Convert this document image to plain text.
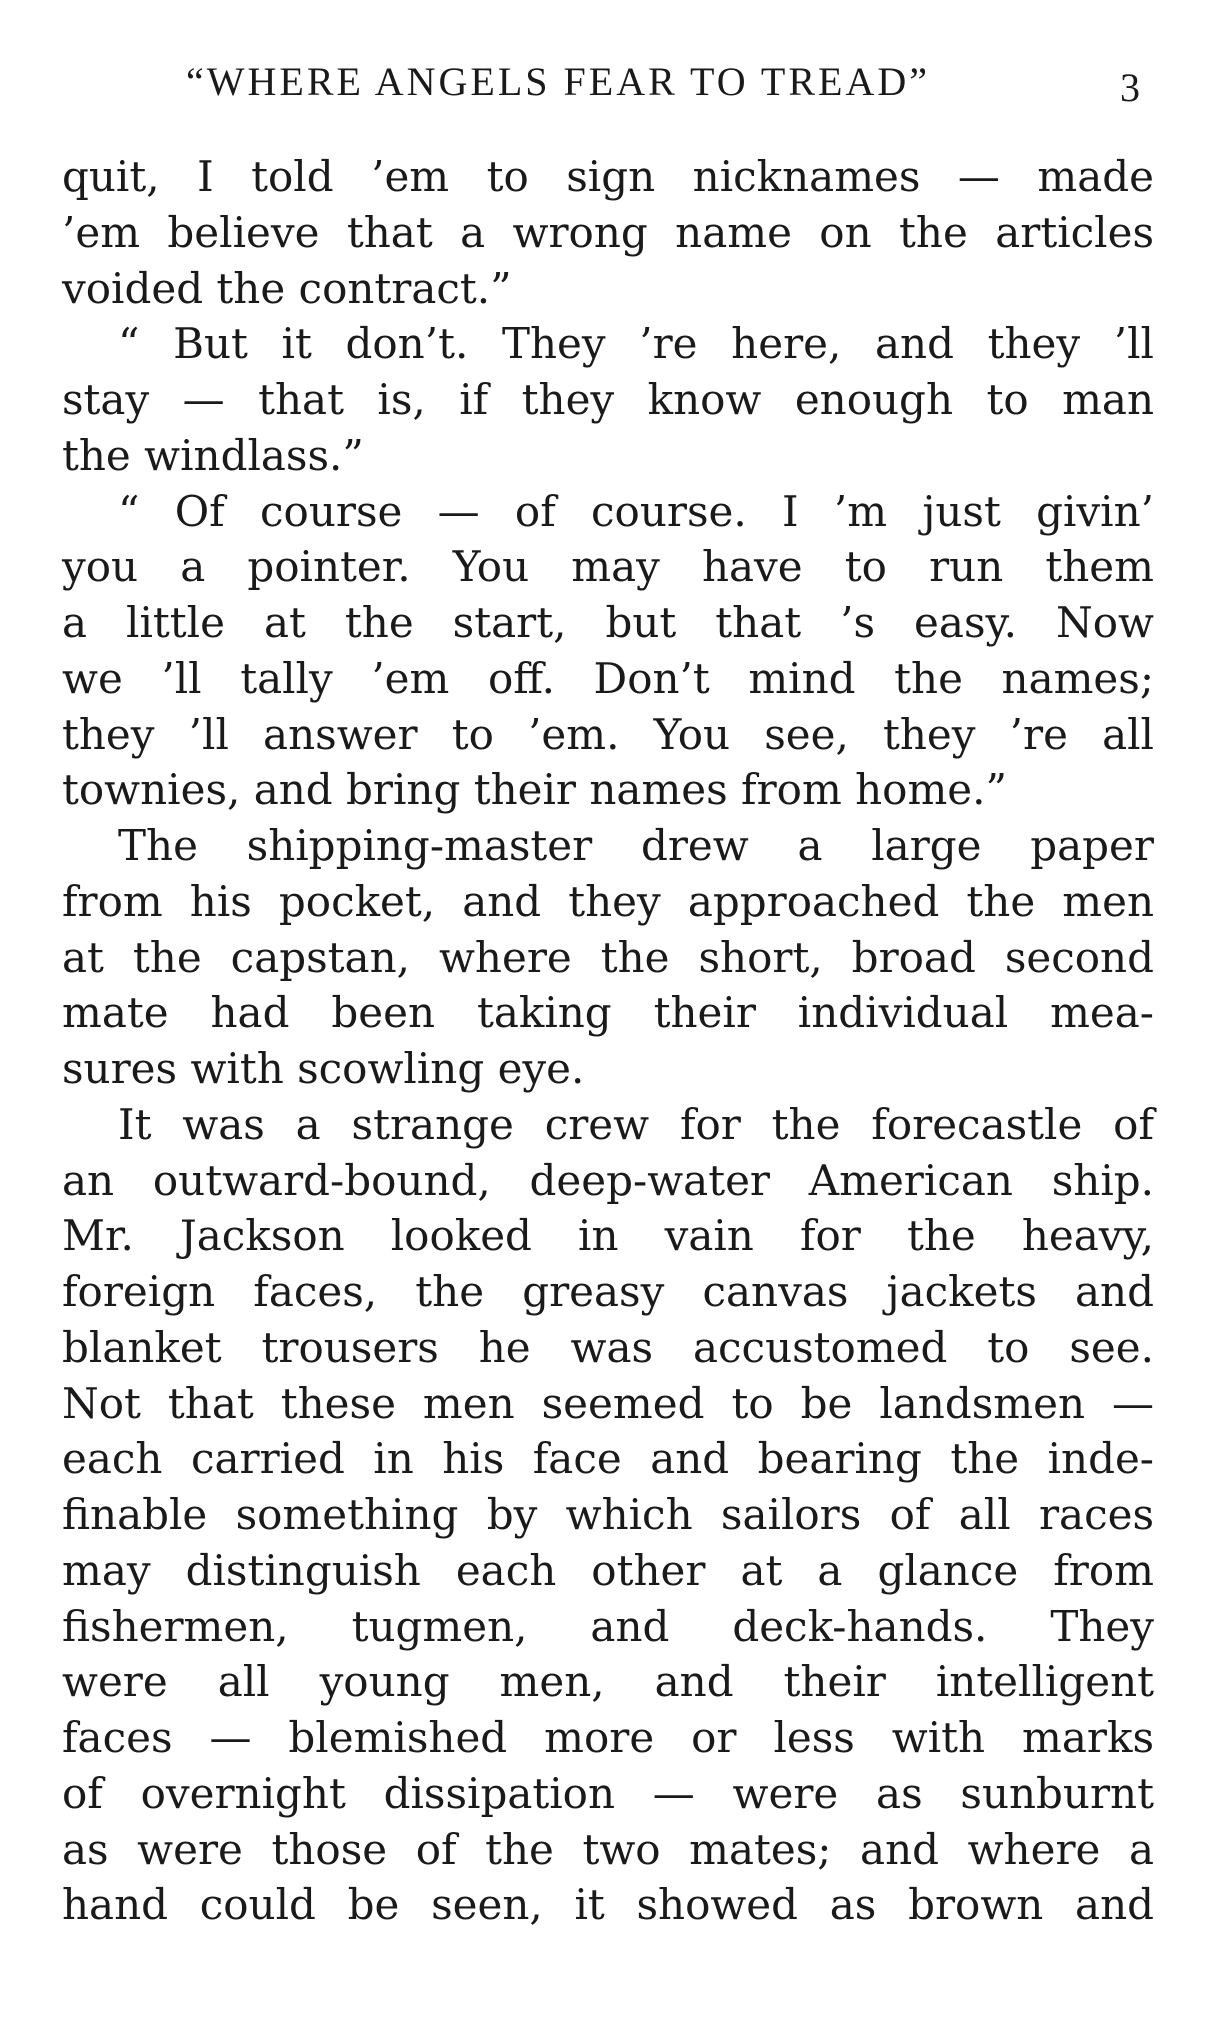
“WHERE ANGELS FEAR TO TREAD”	3
quit, I told ’em to sign nicknames — made
’em believe that a wrong name on the articles
voided the contract.”
“ But it don’t. They ’re here, and they ’ll
stay — that is, if they know enough to man
the windlass.”
“ Of course — of course. I ’m just givin’
you a pointer. You may have to run them
a little at the start, but that ’s easy. Now
we ’ll tally ’em off. Don’t mind the names;
they ’ll answer to ’em. You see, they ’re all
townies, and bring their names from home.”
The shipping-master drew a large paper
from his pocket, and they approached the men
at the capstan, where the short, broad second
mate had been taking their individual mea-
sures with scowling eye.
It was a strange crew for the forecastle of
an outward-bound, deep-water American ship.
Mr. Jackson looked in vain for the heavy,
foreign faces, the greasy canvas jackets and
blanket trousers he was accustomed to see.
Not that these men seemed to be landsmen —
each carried in his face and bearing the inde-
finable something by which sailors of all races
may distinguish each other at a glance from
fishermen, tugmen, and deck-hands. They
were all young men, and their intelligent
faces — blemished more or less with marks
of overnight dissipation — were as sunburnt
as were those of the two mates; and where a
hand could be seen, it showed as brown and
